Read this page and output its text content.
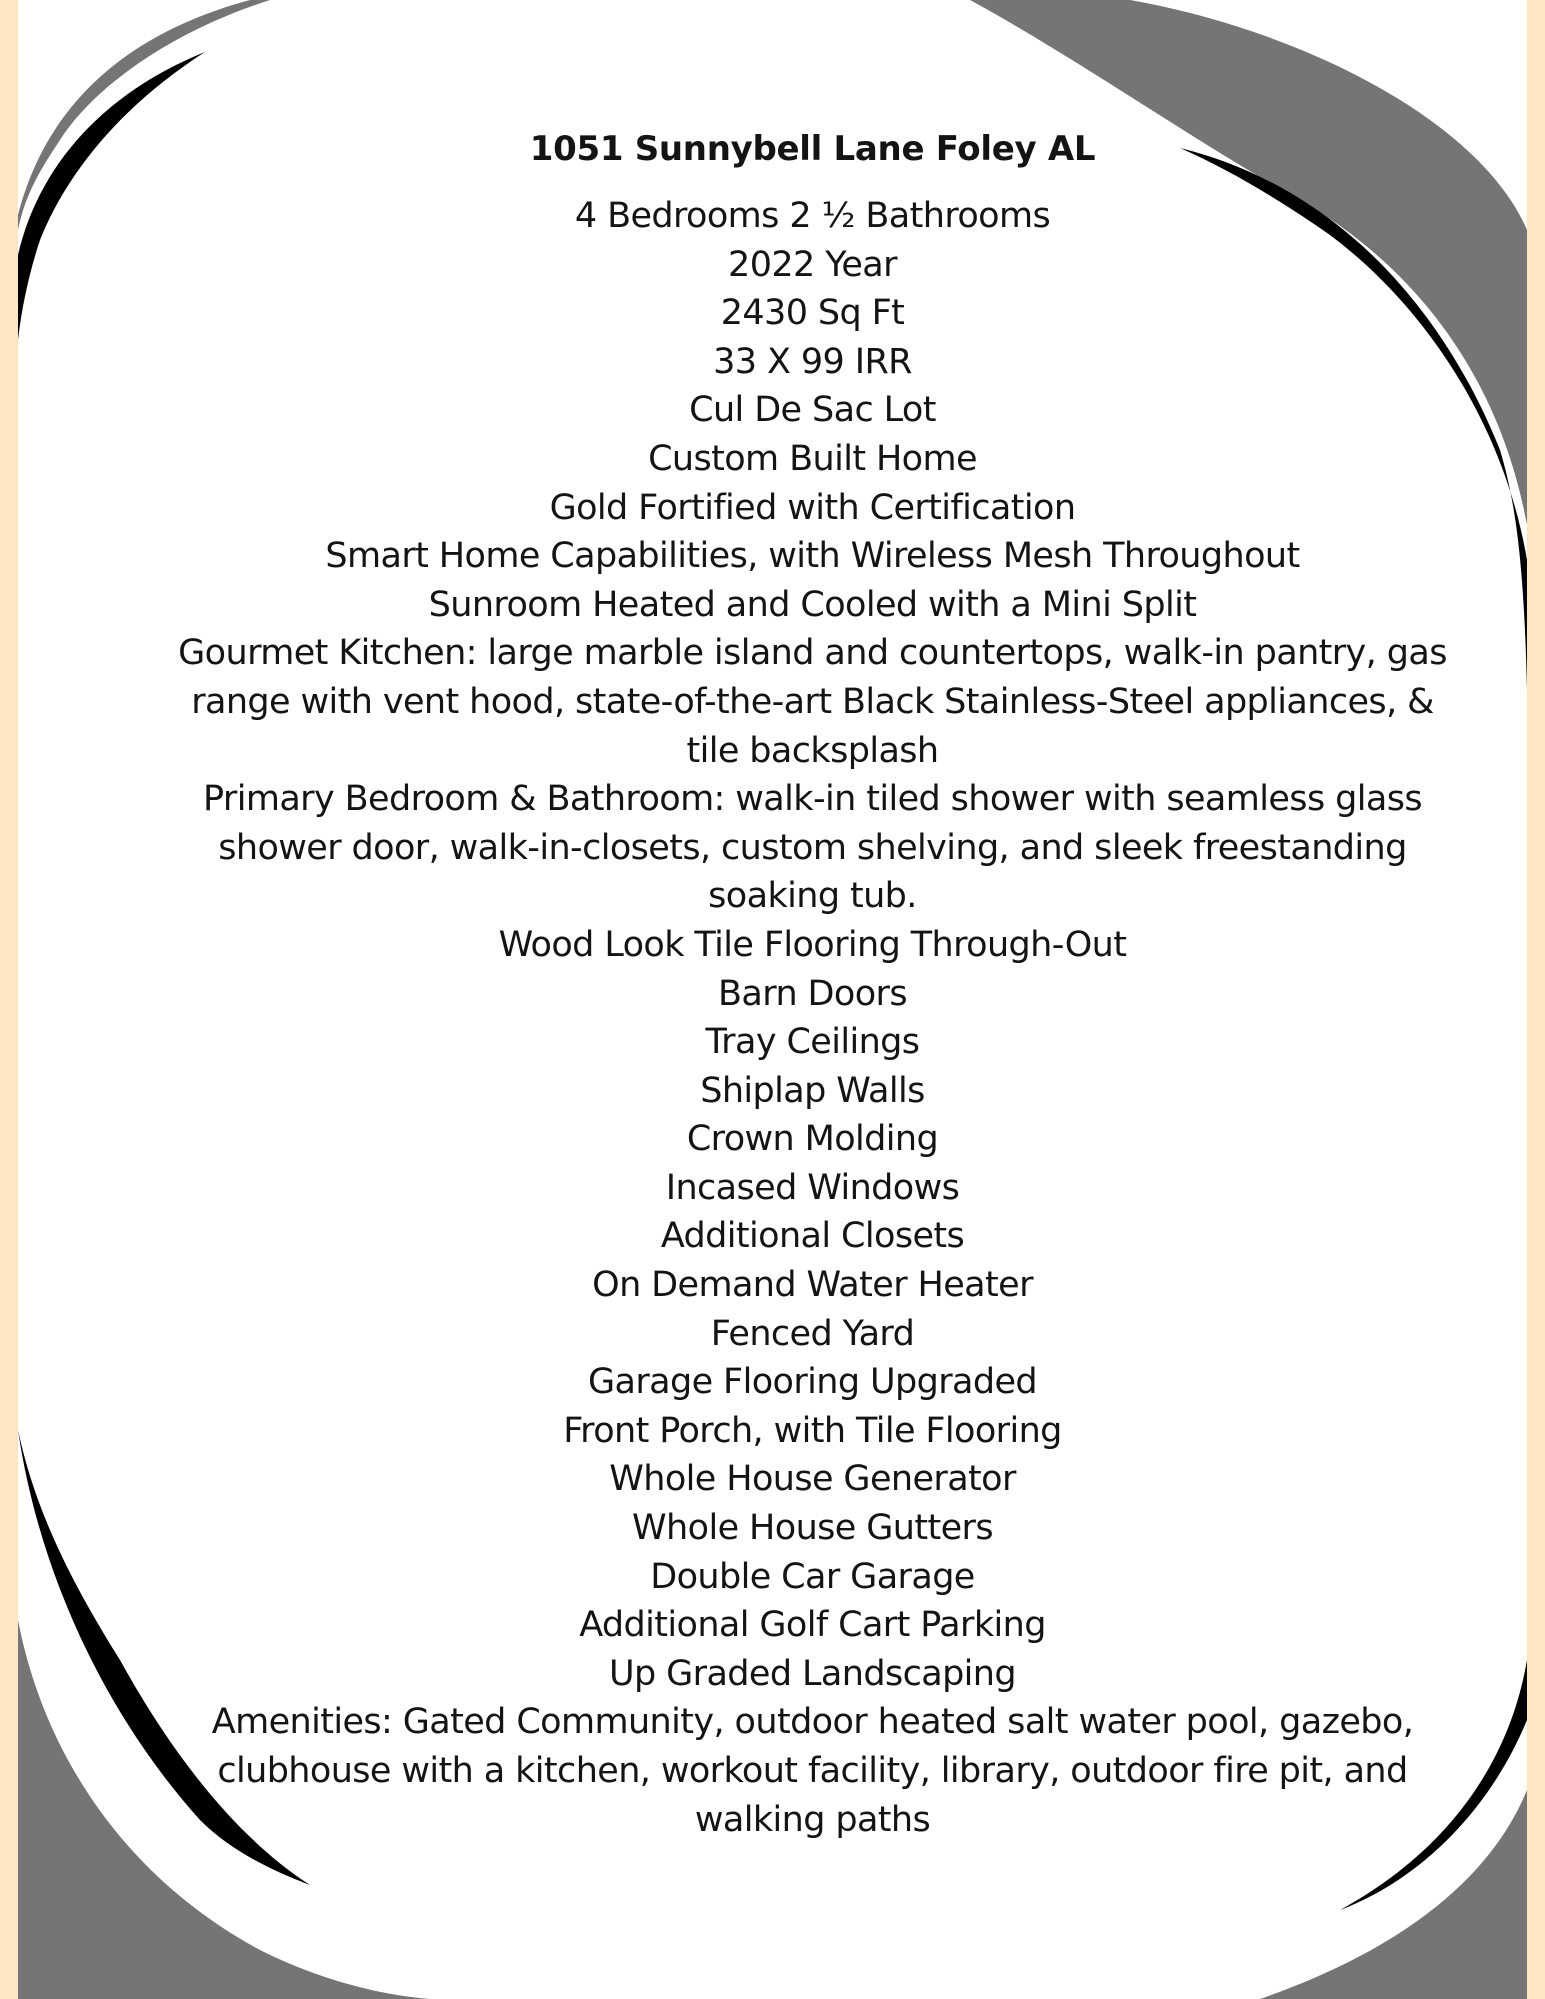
1051 Sunnybell Lane Foley AL
4 Bedrooms 2 ½ Bathrooms
2022 Year
2430 Sq Ft
33 X 99 IRR
Cul De Sac Lot
Custom Built Home
Gold Fortified with Certification
Smart Home Capabilities, with Wireless Mesh Throughout
Sunroom Heated and Cooled with a Mini Split
Gourmet Kitchen: large marble island and countertops, walk-in pantry, gas range with vent hood, state-of-the-art Black Stainless-Steel appliances, & tile backsplash
Primary Bedroom & Bathroom: walk-in tiled shower with seamless glass shower door, walk-in-closets, custom shelving, and sleek freestanding soaking tub.
Wood Look Tile Flooring Through-Out
Barn Doors
Tray Ceilings
Shiplap Walls
Crown Molding
Incased Windows
Additional Closets
On Demand Water Heater
Fenced Yard
Garage Flooring Upgraded
Front Porch, with Tile Flooring
Whole House Generator
Whole House Gutters
Double Car Garage
Additional Golf Cart Parking
Up Graded Landscaping
Amenities: Gated Community, outdoor heated salt water pool, gazebo, clubhouse with a kitchen, workout facility, library, outdoor fire pit, and walking paths
